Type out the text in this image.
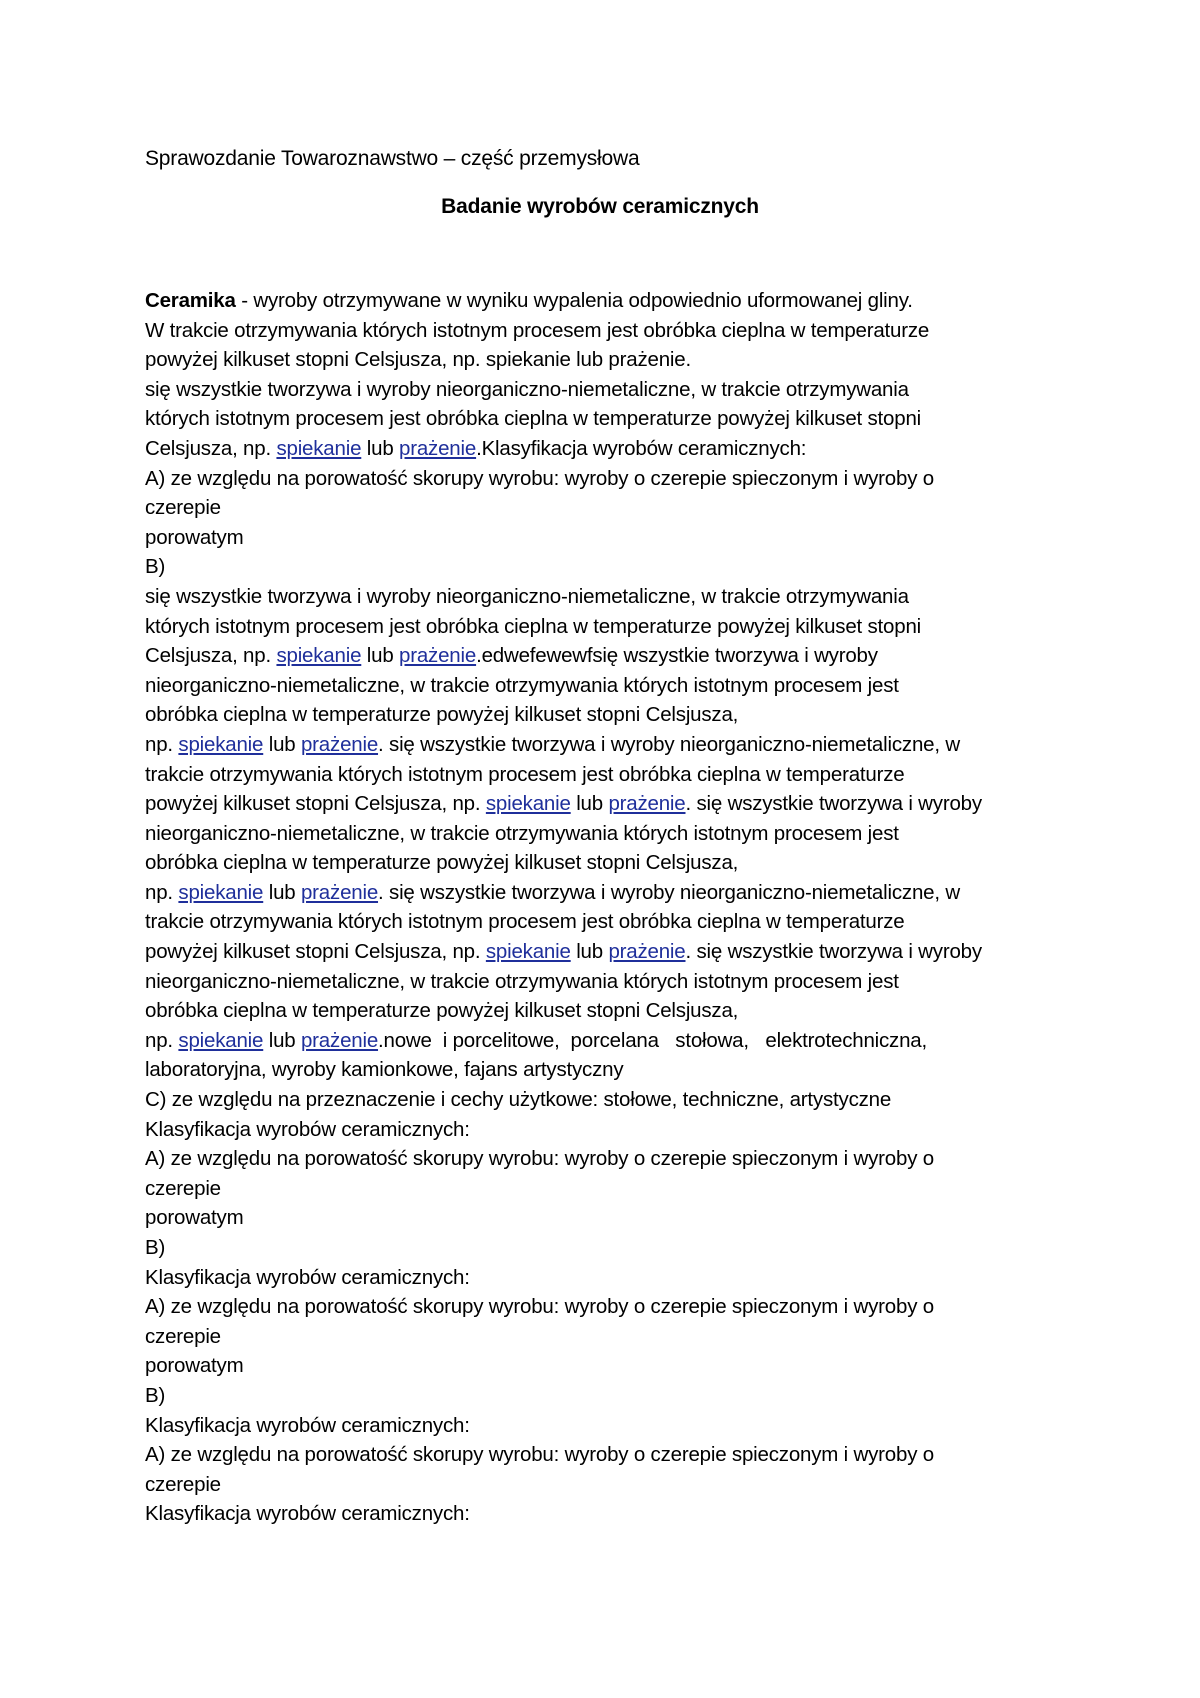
Sprawozdanie Towaroznawstwo – część przemysłowa
Badanie wyrobów ceramicznych
Ceramika - wyroby otrzymywane w wyniku wypalenia odpowiednio uformowanej gliny.
W trakcie otrzymywania których istotnym procesem jest obróbka cieplna w temperaturze
powyżej kilkuset stopni Celsjusza, np. spiekanie lub prażenie.
się wszystkie tworzywa i wyroby nieorganiczno-niemetaliczne, w trakcie otrzymywania
których istotnym procesem jest obróbka cieplna w temperaturze powyżej kilkuset stopni
Celsjusza, np. spiekanie lub prażenie.Klasyfikacja wyrobów ceramicznych:
A) ze względu na porowatość skorupy wyrobu: wyroby o czerepie spieczonym i wyroby o
czerepie
porowatym
B)
się wszystkie tworzywa i wyroby nieorganiczno-niemetaliczne, w trakcie otrzymywania
których istotnym procesem jest obróbka cieplna w temperaturze powyżej kilkuset stopni
Celsjusza, np. spiekanie lub prażenie.edwefewewfsię wszystkie tworzywa i wyroby
nieorganiczno-niemetaliczne, w trakcie otrzymywania których istotnym procesem jest
obróbka cieplna w temperaturze powyżej kilkuset stopni Celsjusza,
np. spiekanie lub prażenie. się wszystkie tworzywa i wyroby nieorganiczno-niemetaliczne, w
trakcie otrzymywania których istotnym procesem jest obróbka cieplna w temperaturze
powyżej kilkuset stopni Celsjusza, np. spiekanie lub prażenie. się wszystkie tworzywa i wyroby
nieorganiczno-niemetaliczne, w trakcie otrzymywania których istotnym procesem jest
obróbka cieplna w temperaturze powyżej kilkuset stopni Celsjusza,
np. spiekanie lub prażenie. się wszystkie tworzywa i wyroby nieorganiczno-niemetaliczne, w
trakcie otrzymywania których istotnym procesem jest obróbka cieplna w temperaturze
powyżej kilkuset stopni Celsjusza, np. spiekanie lub prażenie. się wszystkie tworzywa i wyroby
nieorganiczno-niemetaliczne, w trakcie otrzymywania których istotnym procesem jest
obróbka cieplna w temperaturze powyżej kilkuset stopni Celsjusza,
np. spiekanie lub prażenie.nowe  i porcelitowe,  porcelana   stołowa,   elektrotechniczna,
laboratoryjna, wyroby kamionkowe, fajans artystyczny
C) ze względu na przeznaczenie i cechy użytkowe: stołowe, techniczne, artystyczne
Klasyfikacja wyrobów ceramicznych:
A) ze względu na porowatość skorupy wyrobu: wyroby o czerepie spieczonym i wyroby o
czerepie
porowatym
B)
Klasyfikacja wyrobów ceramicznych:
A) ze względu na porowatość skorupy wyrobu: wyroby o czerepie spieczonym i wyroby o
czerepie
porowatym
B)
Klasyfikacja wyrobów ceramicznych:
A) ze względu na porowatość skorupy wyrobu: wyroby o czerepie spieczonym i wyroby o
czerepie
Klasyfikacja wyrobów ceramicznych:
